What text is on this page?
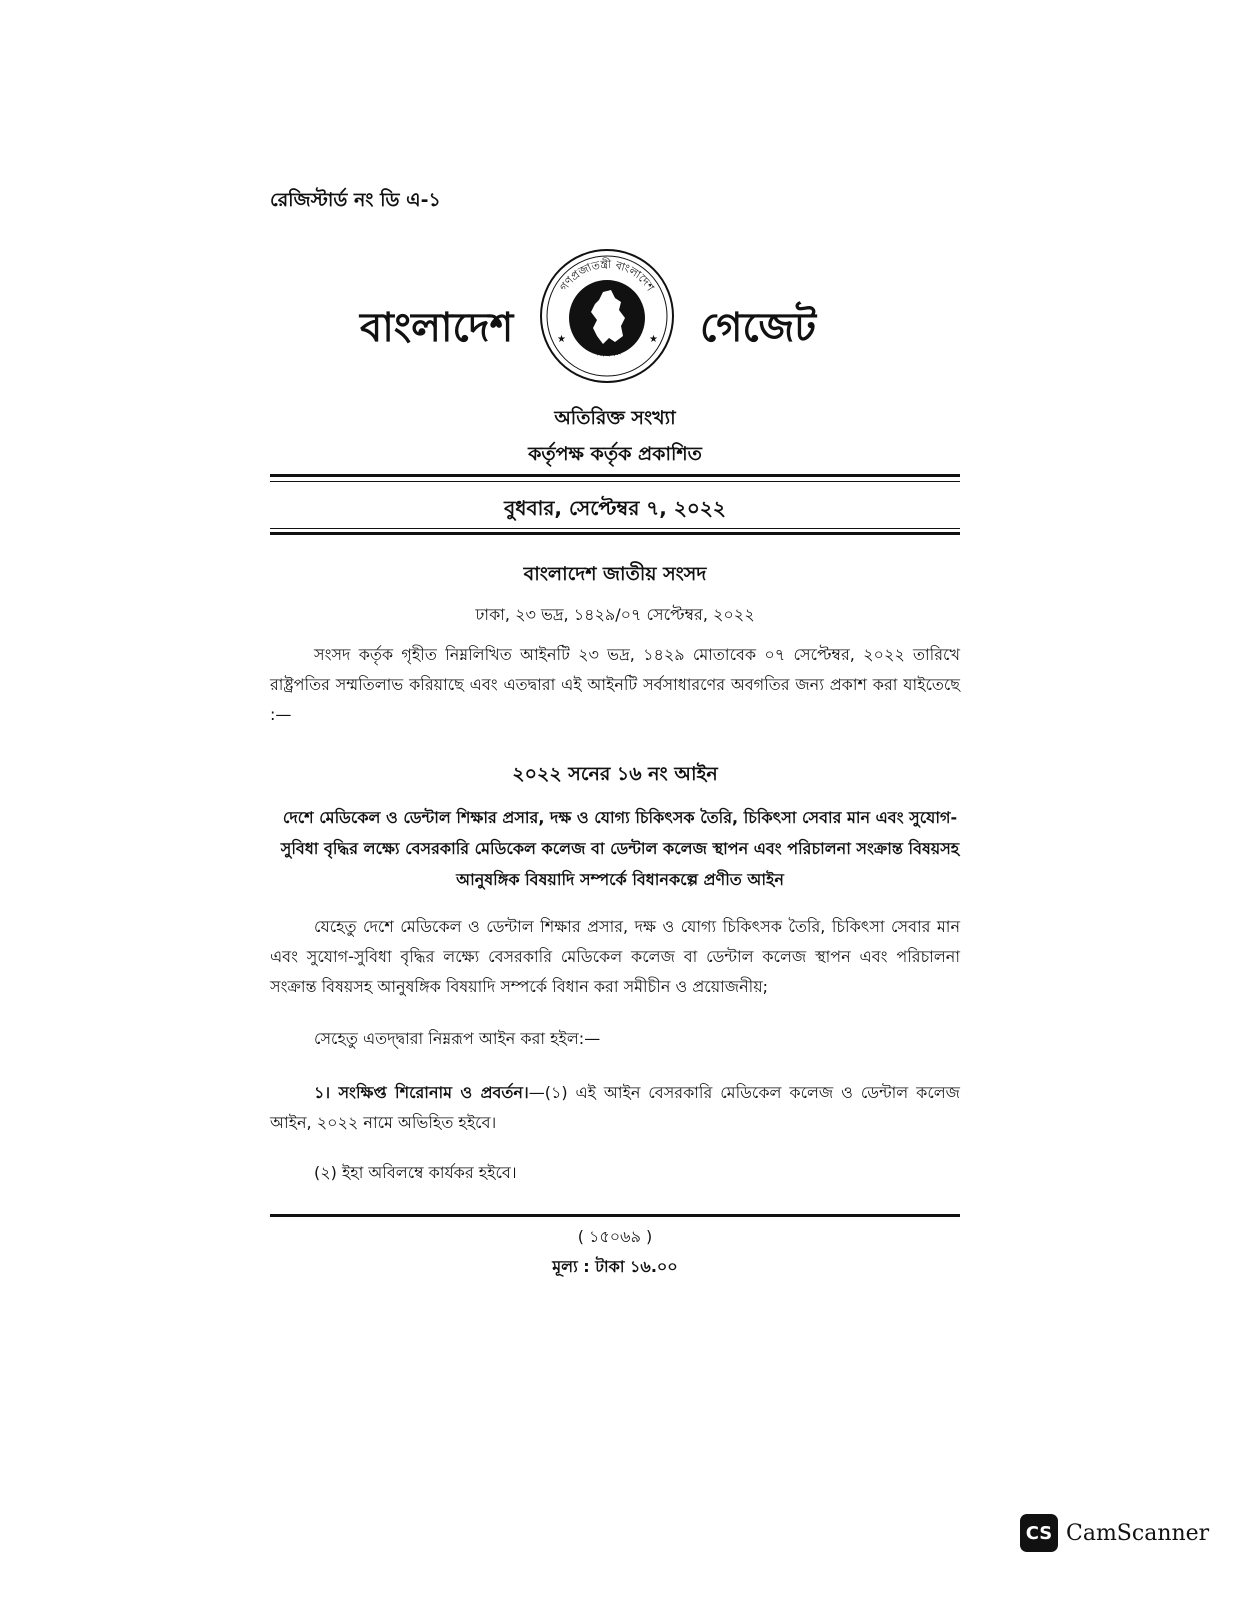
রেজিস্টার্ড নং ডি এ-১
বাংলাদেশ
গণপ্রজাতন্ত্রী বাংলাদেশ
সরকার
★	★ গেজেট
অতিরিক্ত সংখ্যা
কর্তৃপক্ষ কর্তৃক প্রকাশিত
বুধবার, সেপ্টেম্বর ৭, ২০২২
বাংলাদেশ জাতীয় সংসদ
ঢাকা, ২৩ ভদ্র, ১৪২৯/০৭ সেপ্টেম্বর, ২০২২
সংসদ কর্তৃক গৃহীত নিম্নলিখিত আইনটি ২৩ ভদ্র, ১৪২৯ মোতাবেক ০৭ সেপ্টেম্বর, ২০২২ তারিখে রাষ্ট্রপতির সম্মতিলাভ করিয়াছে এবং এতদ্বারা এই আইনটি সর্বসাধারণের অবগতির জন্য প্রকাশ করা যাইতেছে :—
২০২২ সনের ১৬ নং আইন
দেশে মেডিকেল ও ডেন্টাল শিক্ষার প্রসার, দক্ষ ও যোগ্য চিকিৎসক তৈরি, চিকিৎসা সেবার মান এবং সুযোগ-সুবিধা বৃদ্ধির লক্ষ্যে বেসরকারি মেডিকেল কলেজ বা ডেন্টাল কলেজ স্থাপন এবং পরিচালনা সংক্রান্ত বিষয়সহ আনুষঙ্গিক বিষয়াদি সম্পর্কে বিধানকল্পে প্রণীত আইন
যেহেতু দেশে মেডিকেল ও ডেন্টাল শিক্ষার প্রসার, দক্ষ ও যোগ্য চিকিৎসক তৈরি, চিকিৎসা সেবার মান এবং সুযোগ-সুবিধা বৃদ্ধির লক্ষ্যে বেসরকারি মেডিকেল কলেজ বা ডেন্টাল কলেজ স্থাপন এবং পরিচালনা সংক্রান্ত বিষয়সহ আনুষঙ্গিক বিষয়াদি সম্পর্কে বিধান করা সমীচীন ও প্রয়োজনীয়;
সেহেতু এতদ্দ্বারা নিম্নরূপ আইন করা হইল:—
১। সংক্ষিপ্ত শিরোনাম ও প্রবর্তন।—(১) এই আইন বেসরকারি মেডিকেল কলেজ ও ডেন্টাল কলেজ আইন, ২০২২ নামে অভিহিত হইবে।
(২) ইহা অবিলম্বে কার্যকর হইবে।
( ১৫০৬৯ )
মূল্য : টাকা ১৬.০০
CS CamScanner
